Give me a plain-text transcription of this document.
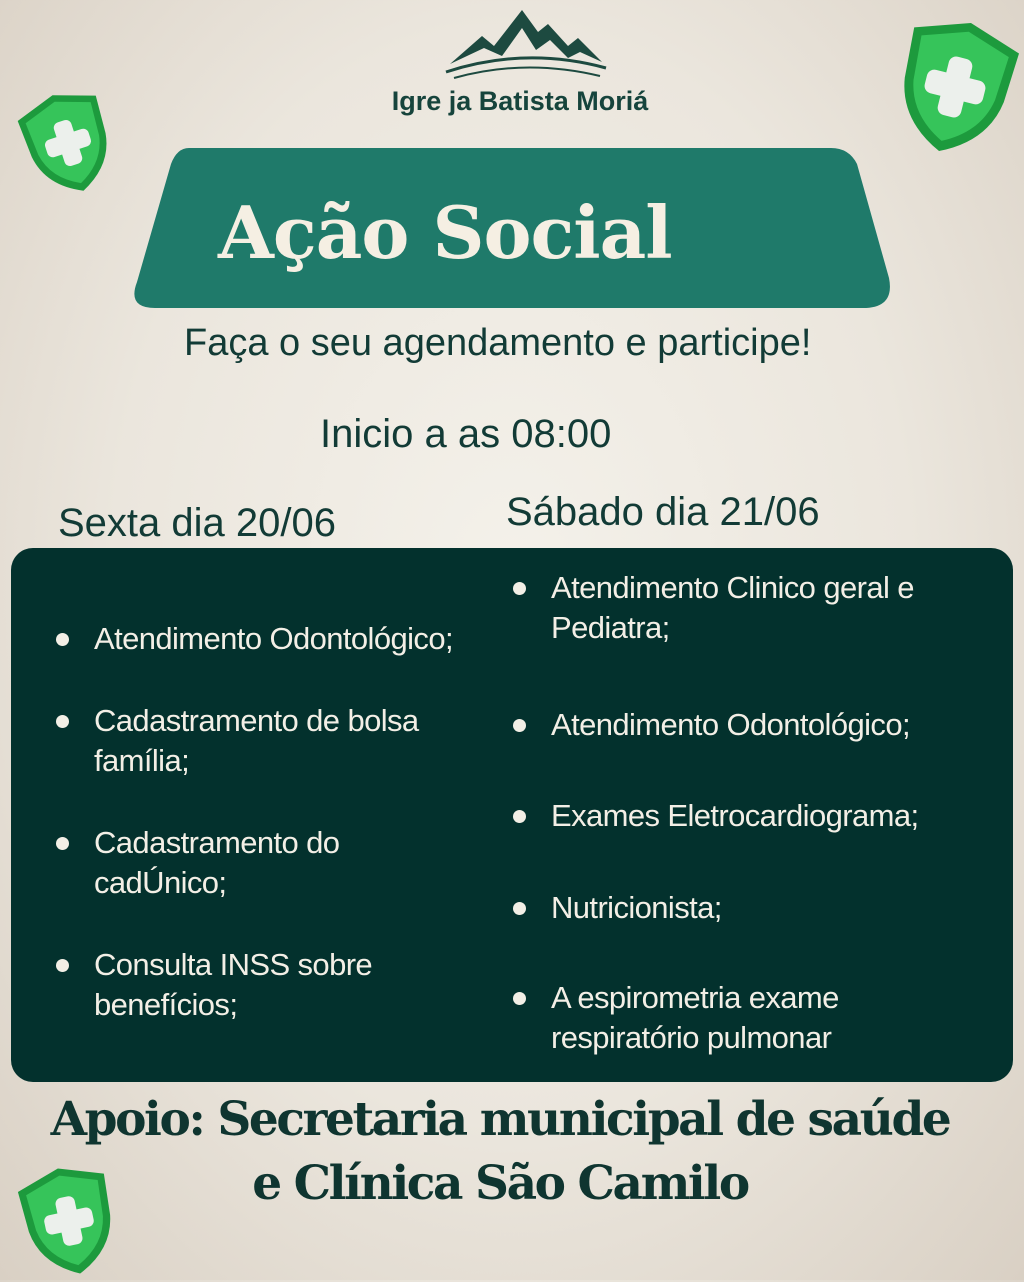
Igre ja Batista Moriá
Ação Social
Faça o seu agendamento e participe!
Inicio a as 08:00
Sexta dia 20/06	Sábado dia 21/06
Atendimento Odontológico;
Cadastramento de bolsa família;
Cadastramento do cadÚnico;
Consulta INSS sobre benefícios;
Atendimento Clinico geral e Pediatra;
Atendimento Odontológico;
Exames Eletrocardiograma;
Nutricionista;
A espirometria exame respiratório pulmonar
Apoio: Secretaria municipal de saúde
e Clínica São Camilo
